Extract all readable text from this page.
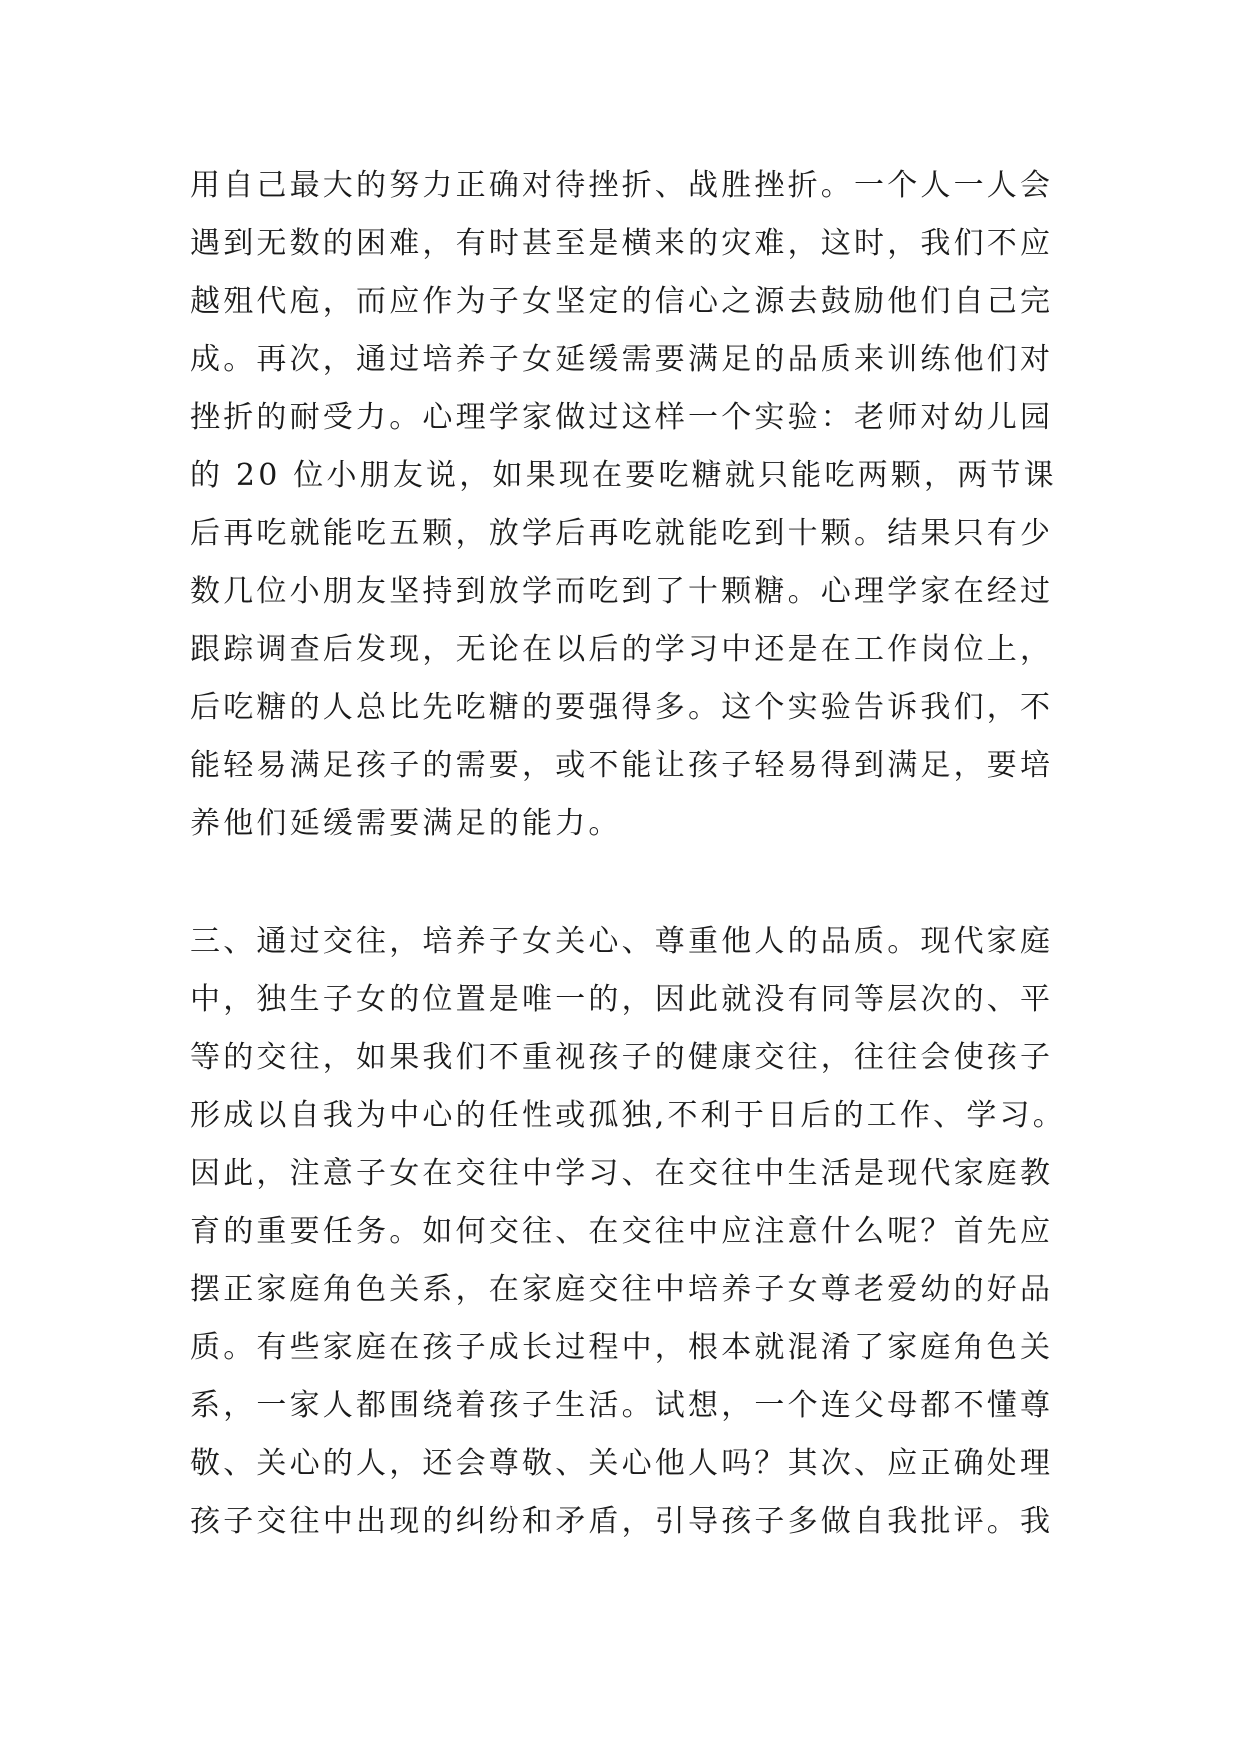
用自己最大的努力正确对待挫折、战胜挫折。一个人一人会
遇到无数的困难，有时甚至是横来的灾难，这时，我们不应
越殂代庖，而应作为子女坚定的信心之源去鼓励他们自己完
成。再次，通过培养子女延缓需要满足的品质来训练他们对
挫折的耐受力。心理学家做过这样一个实验：老师对幼儿园
的 20 位小朋友说，如果现在要吃糖就只能吃两颗，两节课
后再吃就能吃五颗，放学后再吃就能吃到十颗。结果只有少
数几位小朋友坚持到放学而吃到了十颗糖。心理学家在经过
跟踪调查后发现，无论在以后的学习中还是在工作岗位上，
后吃糖的人总比先吃糖的要强得多。这个实验告诉我们，不
能轻易满足孩子的需要，或不能让孩子轻易得到满足，要培
养他们延缓需要满足的能力。
三、通过交往，培养子女关心、尊重他人的品质。现代家庭
中，独生子女的位置是唯一的，因此就没有同等层次的、平
等的交往，如果我们不重视孩子的健康交往，往往会使孩子
形成以自我为中心的任性或孤独,不利于日后的工作、学习。
因此，注意子女在交往中学习、在交往中生活是现代家庭教
育的重要任务。如何交往、在交往中应注意什么呢？首先应
摆正家庭角色关系，在家庭交往中培养子女尊老爱幼的好品
质。有些家庭在孩子成长过程中，根本就混淆了家庭角色关
系，一家人都围绕着孩子生活。试想，一个连父母都不懂尊
敬、关心的人，还会尊敬、关心他人吗？其次、应正确处理
孩子交往中出现的纠纷和矛盾，引导孩子多做自我批评。我
